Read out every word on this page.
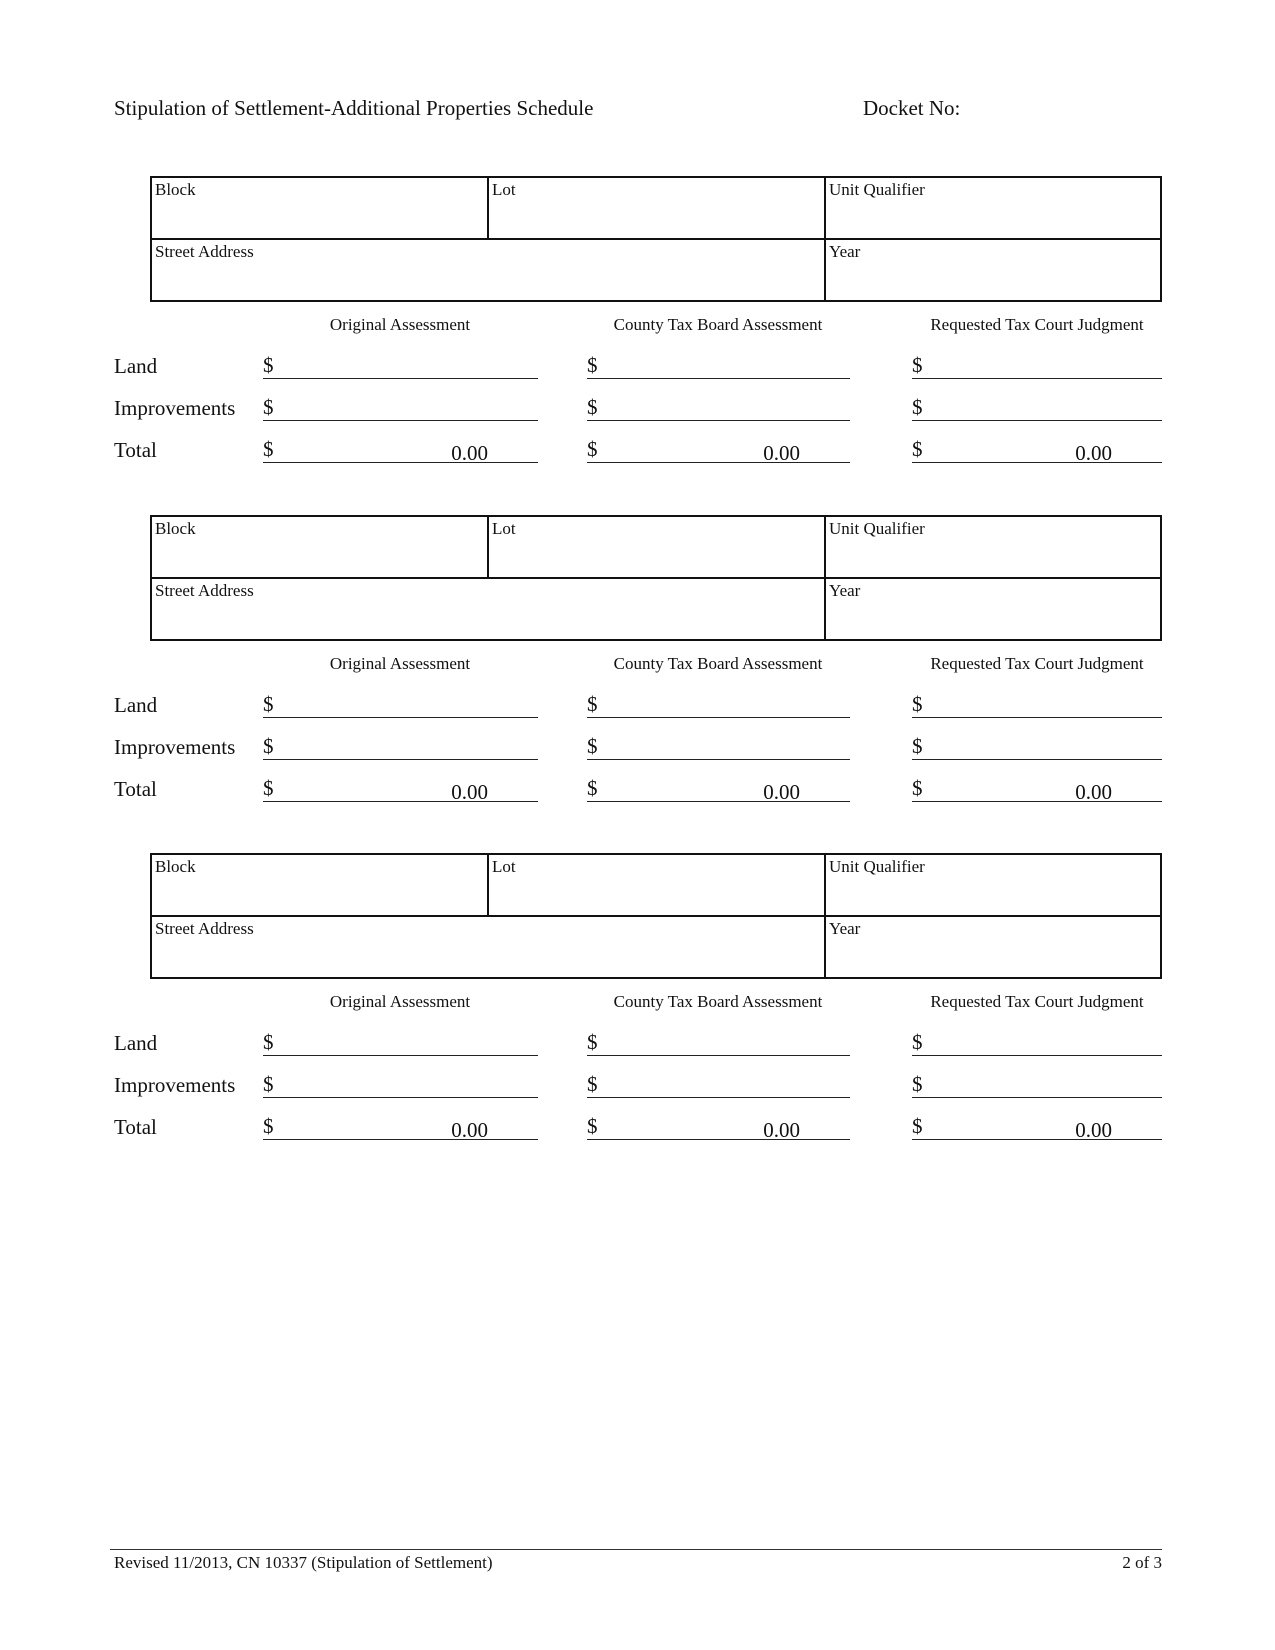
Stipulation of Settlement-Additional Properties Schedule	Docket No:
Block	Lot	Unit Qualifier
Street Address	Year
Original Assessment	County Tax Board Assessment	Requested Tax Court Judgment
Land	$	$	$
Improvements $	$	$
Total	$	0.00	$	0.00	$	0.00
Block	Lot	Unit Qualifier
Street Address	Year
Original Assessment	County Tax Board Assessment	Requested Tax Court Judgment
Land	$	$	$
Improvements $	$	$
Total	$	0.00	$	0.00	$	0.00
Block	Lot	Unit Qualifier
Street Address	Year
Original Assessment	County Tax Board Assessment	Requested Tax Court Judgment
Land	$	$	$
Improvements $	$	$
Total	$	0.00	$	0.00	$	0.00
Revised 11/2013, CN 10337 (Stipulation of Settlement)	2 of 3
